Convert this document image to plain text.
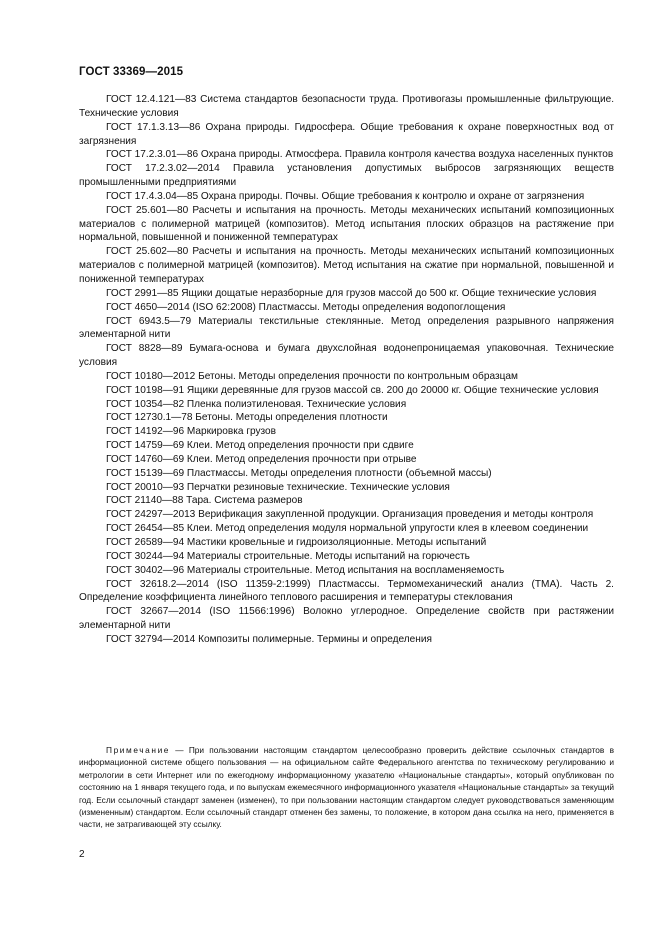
ГОСТ 33369—2015

ГОСТ 12.4.121—83 Система стандартов безопасности труда. Противогазы промышленные фильтрующие. Технические условия

ГОСТ 17.1.3.13—86 Охрана природы. Гидросфера. Общие требования к охране поверхностных вод от загрязнения

ГОСТ 17.2.3.01—86 Охрана природы. Атмосфера. Правила контроля качества воздуха населенных пунктов

ГОСТ 17.2.3.02—2014 Правила установления допустимых выбросов загрязняющих веществ промышленными предприятиями

ГОСТ 17.4.3.04—85 Охрана природы. Почвы. Общие требования к контролю и охране от загрязнения

ГОСТ 25.601—80 Расчеты и испытания на прочность. Методы механических испытаний композиционных материалов с полимерной матрицей (композитов). Метод испытания плоских образцов на растяжение при нормальной, повышенной и пониженной температурах

ГОСТ 25.602—80 Расчеты и испытания на прочность. Методы механических испытаний композиционных материалов с полимерной матрицей (композитов). Метод испытания на сжатие при нормальной, повышенной и пониженной температурах

ГОСТ 2991—85 Ящики дощатые неразборные для грузов массой до 500 кг. Общие технические условия

ГОСТ 4650—2014 (ISO 62:2008) Пластмассы. Методы определения водопоглощения

ГОСТ 6943.5—79 Материалы текстильные стеклянные. Метод определения разрывного напряжения элементарной нити

ГОСТ 8828—89 Бумага-основа и бумага двухслойная водонепроницаемая упаковочная. Технические условия

ГОСТ 10180—2012 Бетоны. Методы определения прочности по контрольным образцам

ГОСТ 10198—91 Ящики деревянные для грузов массой св. 200 до 20000 кг. Общие технические условия

ГОСТ 10354—82 Пленка полиэтиленовая. Технические условия

ГОСТ 12730.1—78 Бетоны. Методы определения плотности

ГОСТ 14192—96 Маркировка грузов

ГОСТ 14759—69 Клеи. Метод определения прочности при сдвиге

ГОСТ 14760—69 Клеи. Метод определения прочности при отрыве

ГОСТ 15139—69 Пластмассы. Методы определения плотности (объемной массы)

ГОСТ 20010—93 Перчатки резиновые технические. Технические условия

ГОСТ 21140—88 Тара. Система размеров

ГОСТ 24297—2013 Верификация закупленной продукции. Организация проведения и методы контроля

ГОСТ 26454—85 Клеи. Метод определения модуля нормальной упругости клея в клеевом соединении

ГОСТ 26589—94 Мастики кровельные и гидроизоляционные. Методы испытаний

ГОСТ 30244—94 Материалы строительные. Методы испытаний на горючесть

ГОСТ 30402—96 Материалы строительные. Метод испытания на воспламеняемость

ГОСТ 32618.2—2014 (ISO 11359-2:1999) Пластмассы. Термомеханический анализ (ТМА). Часть 2. Определение коэффициента линейного теплового расширения и температуры стеклования

ГОСТ 32667—2014 (ISO 11566:1996) Волокно углеродное. Определение свойств при растяжении элементарной нити

ГОСТ 32794—2014 Композиты полимерные. Термины и определения

Примечание — При пользовании настоящим стандартом целесообразно проверить действие ссылочных стандартов в информационной системе общего пользования — на официальном сайте Федерального агентства по техническому регулированию и метрологии в сети Интернет или по ежегодному информационному указателю «Национальные стандарты», который опубликован по состоянию на 1 января текущего года, и по выпускам ежемесячного информационного указателя «Национальные стандарты» за текущий год. Если ссылочный стандарт заменен (изменен), то при пользовании настоящим стандартом следует руководствоваться заменяющим (измененным) стандартом. Если ссылочный стандарт отменен без замены, то положение, в котором дана ссылка на него, применяется в части, не затрагивающей эту ссылку.

2
